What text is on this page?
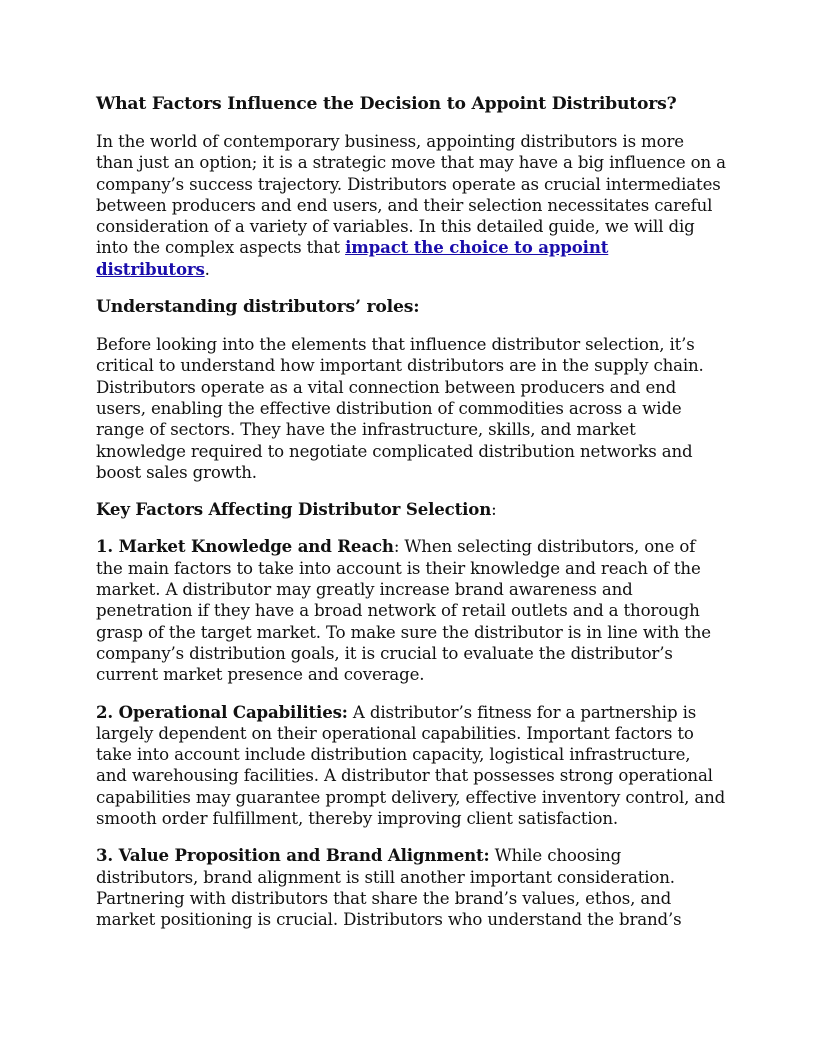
What Factors Influence the Decision to Appoint Distributors?

In the world of contemporary business, appointing distributors is more than just an option; it is a strategic move that may have a big influence on a company’s success trajectory. Distributors operate as crucial intermediates between producers and end users, and their selection necessitates careful consideration of a variety of variables. In this detailed guide, we will dig into the complex aspects that impact the choice to appoint distributors.

Understanding distributors’ roles:

Before looking into the elements that influence distributor selection, it’s critical to understand how important distributors are in the supply chain. Distributors operate as a vital connection between producers and end users, enabling the effective distribution of commodities across a wide range of sectors. They have the infrastructure, skills, and market knowledge required to negotiate complicated distribution networks and boost sales growth.

Key Factors Affecting Distributor Selection:

1. Market Knowledge and Reach: When selecting distributors, one of the main factors to take into account is their knowledge and reach of the market. A distributor may greatly increase brand awareness and penetration if they have a broad network of retail outlets and a thorough grasp of the target market. To make sure the distributor is in line with the company’s distribution goals, it is crucial to evaluate the distributor’s current market presence and coverage.

2. Operational Capabilities: A distributor’s fitness for a partnership is largely dependent on their operational capabilities. Important factors to take into account include distribution capacity, logistical infrastructure, and warehousing facilities. A distributor that possesses strong operational capabilities may guarantee prompt delivery, effective inventory control, and smooth order fulfillment, thereby improving client satisfaction.

3. Value Proposition and Brand Alignment: While choosing distributors, brand alignment is still another important consideration. Partnering with distributors that share the brand’s values, ethos, and market positioning is crucial. Distributors who understand the brand’s
